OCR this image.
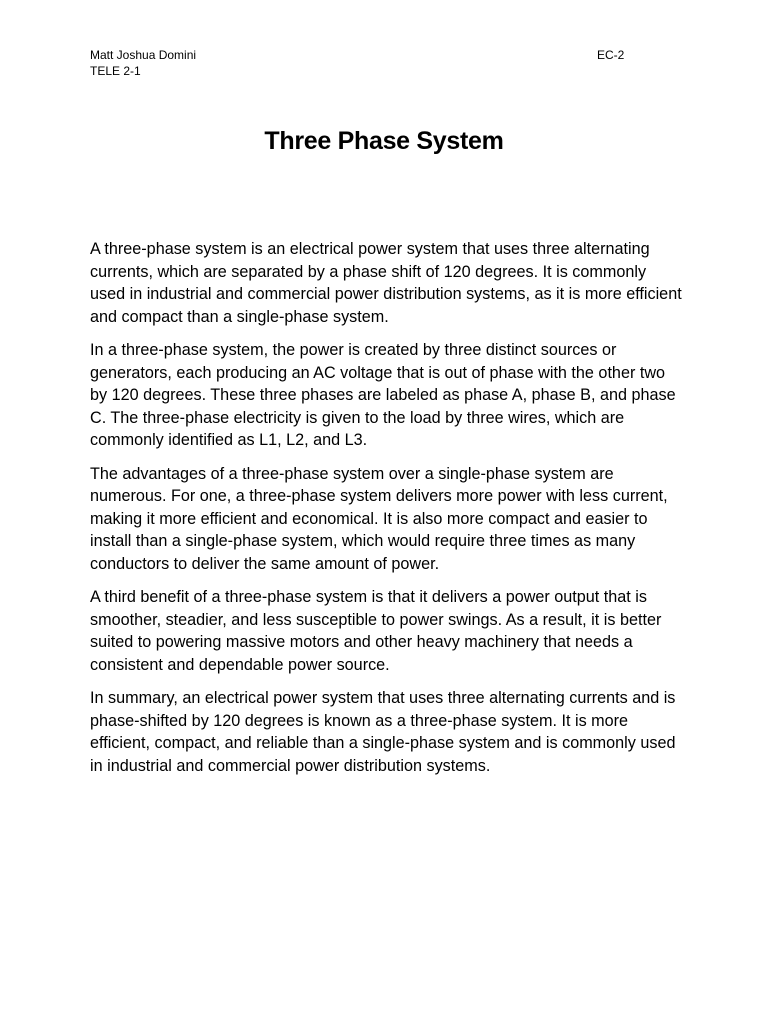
Matt Joshua Domini
TELE 2-1
EC-2
Three Phase System

A three-phase system is an electrical power system that uses three alternating currents, which are separated by a phase shift of 120 degrees. It is commonly used in industrial and commercial power distribution systems, as it is more efficient and compact than a single-phase system.

In a three-phase system, the power is created by three distinct sources or generators, each producing an AC voltage that is out of phase with the other two by 120 degrees. These three phases are labeled as phase A, phase B, and phase C. The three-phase electricity is given to the load by three wires, which are commonly identified as L1, L2, and L3.

The advantages of a three-phase system over a single-phase system are numerous. For one, a three-phase system delivers more power with less current, making it more efficient and economical. It is also more compact and easier to install than a single-phase system, which would require three times as many conductors to deliver the same amount of power.

A third benefit of a three-phase system is that it delivers a power output that is smoother, steadier, and less susceptible to power swings. As a result, it is better suited to powering massive motors and other heavy machinery that needs a consistent and dependable power source.

In summary, an electrical power system that uses three alternating currents and is phase-shifted by 120 degrees is known as a three-phase system. It is more efficient, compact, and reliable than a single-phase system and is commonly used in industrial and commercial power distribution systems.
